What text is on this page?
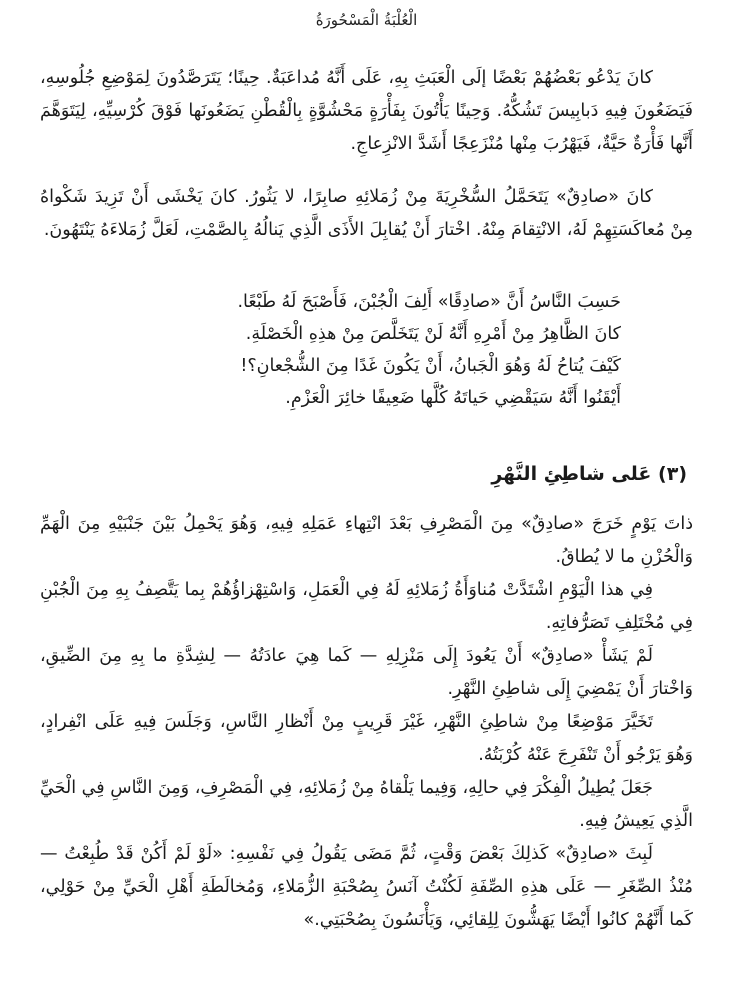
الْعُلْبَةُ الْمَسْحُورَةُ

كانَ يَدْعُو بَعْضُهُمْ بَعْضًا إلَى الْعَبَثِ بِهِ، عَلَى أَنَّهُ مُداعَبَةٌ. حِينًا؛ يَتَرَصَّدُونَ لِمَوْضِعِ جُلُوسِهِ، فَيَضَعُونَ فِيهِ دَبابِيسَ تَشُكُّهُ. وَحِينًا يَأْتُونَ بِفَأْرَةٍ مَحْشُوَّةٍ بِالْقُطْنِ يَضَعُونَها فَوْقَ كُرْسِيِّهِ، لِيَتَوَهَّمَ أَنَّها فَأْرَةٌ حَيَّةٌ، فَيَهْرُبَ مِنْها مُنْزَعِجًا أَشَدَّ الانْزِعاجِ.

كانَ «صادِقٌ» يَتَحَمَّلُ السُّخْرِيَةَ مِنْ زُمَلائِهِ صابِرًا، لا يَثُورُ. كانَ يَخْشَى أَنْ تَزِيدَ شَكْواهُ مِنْ مُعاكَسَتِهِمْ لَهُ، الانْتِقامَ مِنْهُ. اخْتارَ أَنْ يُقابِلَ الأَذَى الَّذِي يَنالُهُ بِالصَّمْتِ، لَعَلَّ زُمَلاءَهُ يَنْتَهُونَ.

حَسِبَ النَّاسُ أَنَّ «صادِقًا» أَلِفَ الْجُبْنَ، فَأَصْبَحَ لَهُ طَبْعًا.

كانَ الظَّاهِرُ مِنْ أَمْرِهِ أَنَّهُ لَنْ يَتَخَلَّصَ مِنْ هذِهِ الْخَصْلَةِ.

كَيْفَ يُتاحُ لَهُ وَهُوَ الْجَبانُ، أَنْ يَكُونَ غَدًا مِنَ الشُّجْعانِ؟!

أَيْقَنُوا أَنَّهُ سَيَقْضِي حَياتَهُ كُلَّها ضَعِيفًا خائِرَ الْعَزْمِ.

(٣) عَلى شاطِئِ النَّهْرِ

ذاتَ يَوْمٍ خَرَجَ «صادِقٌ» مِنَ الْمَصْرِفِ بَعْدَ انْتِهاءِ عَمَلِهِ فِيهِ، وَهُوَ يَحْمِلُ بَيْنَ جَنْبَيْهِ مِنَ الْهَمِّ وَالْحُزْنِ ما لا يُطاقُ.

فِي هذا الْيَوْمِ اشْتَدَّتْ مُناوَأَةُ زُمَلائِهِ لَهُ فِي الْعَمَلِ، وَاسْتِهْزاؤُهُمْ بِما يَتَّصِفُ بِهِ مِنَ الْجُبْنِ فِي مُخْتَلِفِ تَصَرُّفاتِهِ.

لَمْ يَشَأْ «صادِقٌ» أَنْ يَعُودَ إِلَى مَنْزِلِهِ — كَما هِيَ عادَتُهُ — لِشِدَّةِ ما بِهِ مِنَ الضِّيقِ، وَاخْتارَ أَنْ يَمْضِيَ إِلَى شاطِئِ النَّهْرِ.

تَخَيَّرَ مَوْضِعًا مِنْ شاطِئِ النَّهْرِ، غَيْرَ قَرِيبٍ مِنْ أَنْظارِ النَّاسِ، وَجَلَسَ فِيهِ عَلَى انْفِرادٍ، وَهُوَ يَرْجُو أَنْ تَنْفَرِجَ عَنْهُ كُرْبَتُهُ.

جَعَلَ يُطِيلُ الْفِكْرَ فِي حالِهِ، وَفِيما يَلْقاهُ مِنْ زُمَلائِهِ، فِي الْمَصْرِفِ، وَمِنَ النَّاسِ فِي الْحَيِّ الَّذِي يَعِيشُ فِيهِ.

لَبِثَ «صادِقٌ» كَذلِكَ بَعْضَ وَقْتٍ، ثُمَّ مَضَى يَقُولُ فِي نَفْسِهِ: «لَوْ لَمْ أَكُنْ قَدْ طُبِعْتُ — مُنْذُ الصِّغَرِ — عَلَى هذِهِ الصِّفَةِ لَكُنْتُ آنَسُ بِصُحْبَةِ الزُّمَلاءِ، وَمُخالَطَةِ أَهْلِ الْحَيِّ مِنْ حَوْلِي، كَما أَنَّهُمْ كانُوا أَيْضًا يَهَشُّونَ لِلِقائِي، وَيَأْنَسُونَ بِصُحْبَتِي.»
